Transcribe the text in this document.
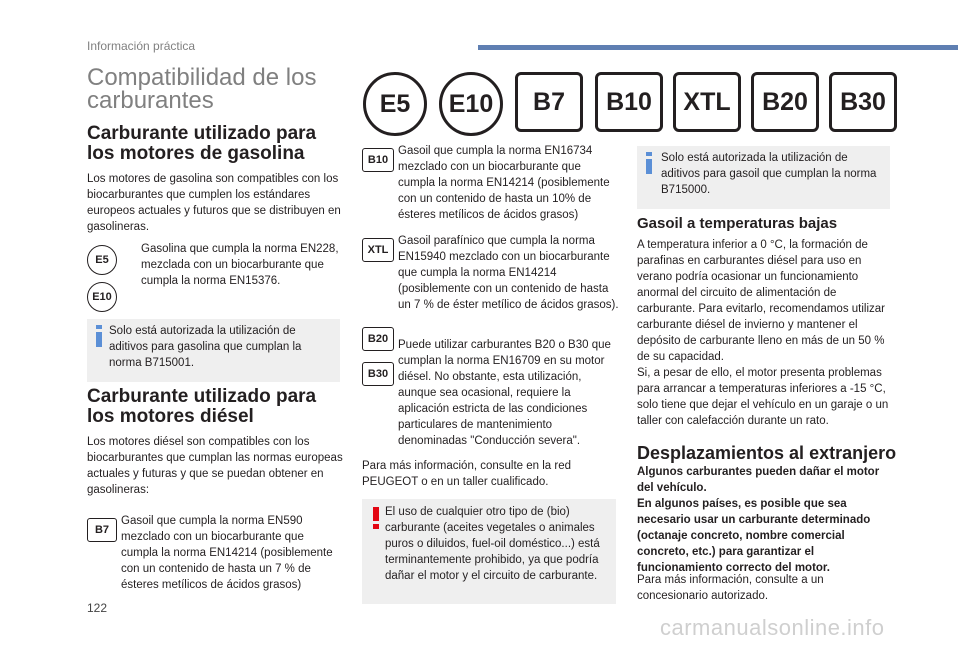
Información práctica
Compatibilidad de los
carburantes	E5	E10	B7	B10	XTL	B20	B30
Carburante utilizado para
los motores de gasolina
Los motores de gasolina son compatibles con los biocarburantes que cumplen los estándares europeos actuales y futuros que se distribuyen en gasolineras.
E5
E10
Gasolina que cumpla la norma EN228, mezclada con un biocarburante que cumpla la norma EN15376.
Solo está autorizada la utilización de aditivos para gasolina que cumplan la norma B715001.
Carburante utilizado para
los motores diésel
Los motores diésel son compatibles con los biocarburantes que cumplan las normas europeas actuales y futuras y que se puedan obtener en gasolineras:
B7
Gasoil que cumpla la norma EN590 mezclado con un biocarburante que cumpla la norma EN14214 (posiblemente con un contenido de hasta un 7 % de ésteres metílicos de ácidos grasos)
B10
Gasoil que cumpla la norma EN16734 mezclado con un biocarburante que cumpla la norma EN14214 (posiblemente con un contenido de hasta un 10% de ésteres metílicos de ácidos grasos)
XTL
Gasoil parafínico que cumpla la norma EN15940 mezclado con un biocarburante que cumpla la norma EN14214 (posiblemente con un contenido de hasta un 7 % de éster metílico de ácidos grasos).
B20
B30
Puede utilizar carburantes B20 o B30 que cumplan la norma EN16709 en su motor diésel. No obstante, esta utilización, aunque sea ocasional, requiere la aplicación estricta de las condiciones particulares de mantenimiento denominadas "Conducción severa".
Para más información, consulte en la red PEUGEOT o en un taller cualificado.
El uso de cualquier otro tipo de (bio) carburante (aceites vegetales o animales puros o diluidos, fuel-oil doméstico...) está terminantemente prohibido, ya que podría dañar el motor y el circuito de carburante.
Solo está autorizada la utilización de aditivos para gasoil que cumplan la norma B715000.
Gasoil a temperaturas bajas
A temperatura inferior a 0 °C, la formación de parafinas en carburantes diésel para uso en verano podría ocasionar un funcionamiento anormal del circuito de alimentación de carburante. Para evitarlo, recomendamos utilizar carburante diésel de invierno y mantener el depósito de carburante lleno en más de un 50 % de su capacidad.
Si, a pesar de ello, el motor presenta problemas para arrancar a temperaturas inferiores a -15 °C, solo tiene que dejar el vehículo en un garaje o un taller con calefacción durante un rato.
Desplazamientos al extranjero
Algunos carburantes pueden dañar el motor del vehículo.
En algunos países, es posible que sea necesario usar un carburante determinado (octanaje concreto, nombre comercial concreto, etc.) para garantizar el funcionamiento correcto del motor.
Para más información, consulte a un concesionario autorizado.
122
carmanualsonline.info
